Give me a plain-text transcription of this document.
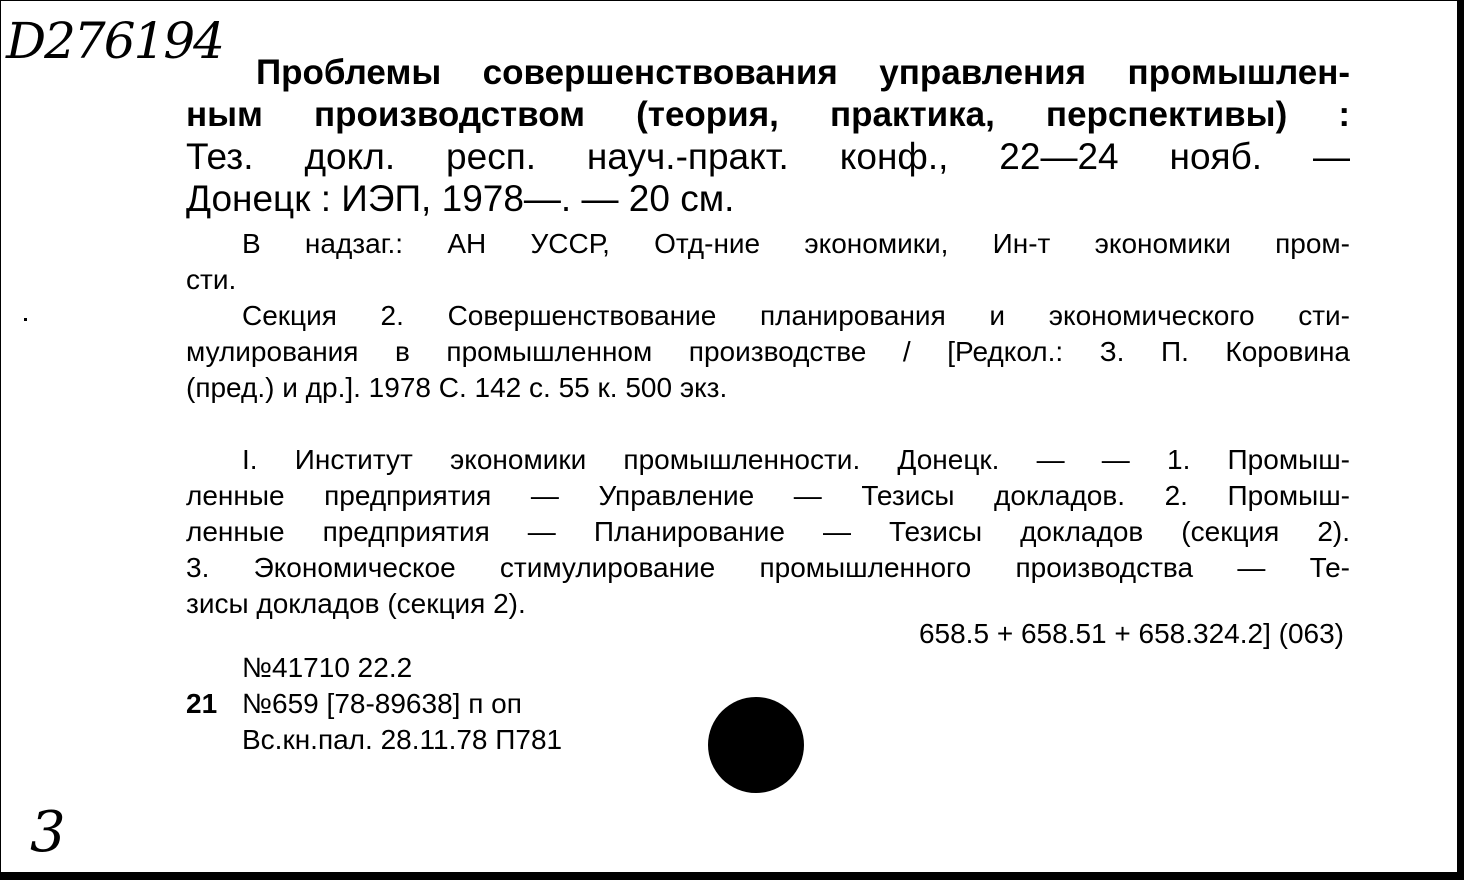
D276194
Проблемы совершенствования управления промышлен-
ным производством (теория, практика, перспективы) :
Тез. докл. респ. науч.-практ. конф., 22—24 нояб. —
Донецк : ИЭП, 1978—. — 20 см.
В надзаг.: АН УССР, Отд-ние экономики, Ин-т экономики пром-
сти.
Секция 2. Совершенствование планирования и экономического сти-
мулирования в промышленном производстве / [Редкол.: З. П. Коровина
(пред.) и др.]. 1978 С. 142 с. 55 к. 500 экз.
I. Институт экономики промышленности. Донецк. — — 1. Промыш-
ленные предприятия — Управление — Тезисы докладов. 2. Промыш-
ленные предприятия — Планирование — Тезисы докладов (секция 2).
3. Экономическое стимулирование промышленного производства — Те-
зисы докладов (секция 2).
658.5 + 658.51 + 658.324.2] (063)
№41710 22.2
21 №659 [78-89638] п оп
Вс.кн.пал. 28.11.78 П781
3
